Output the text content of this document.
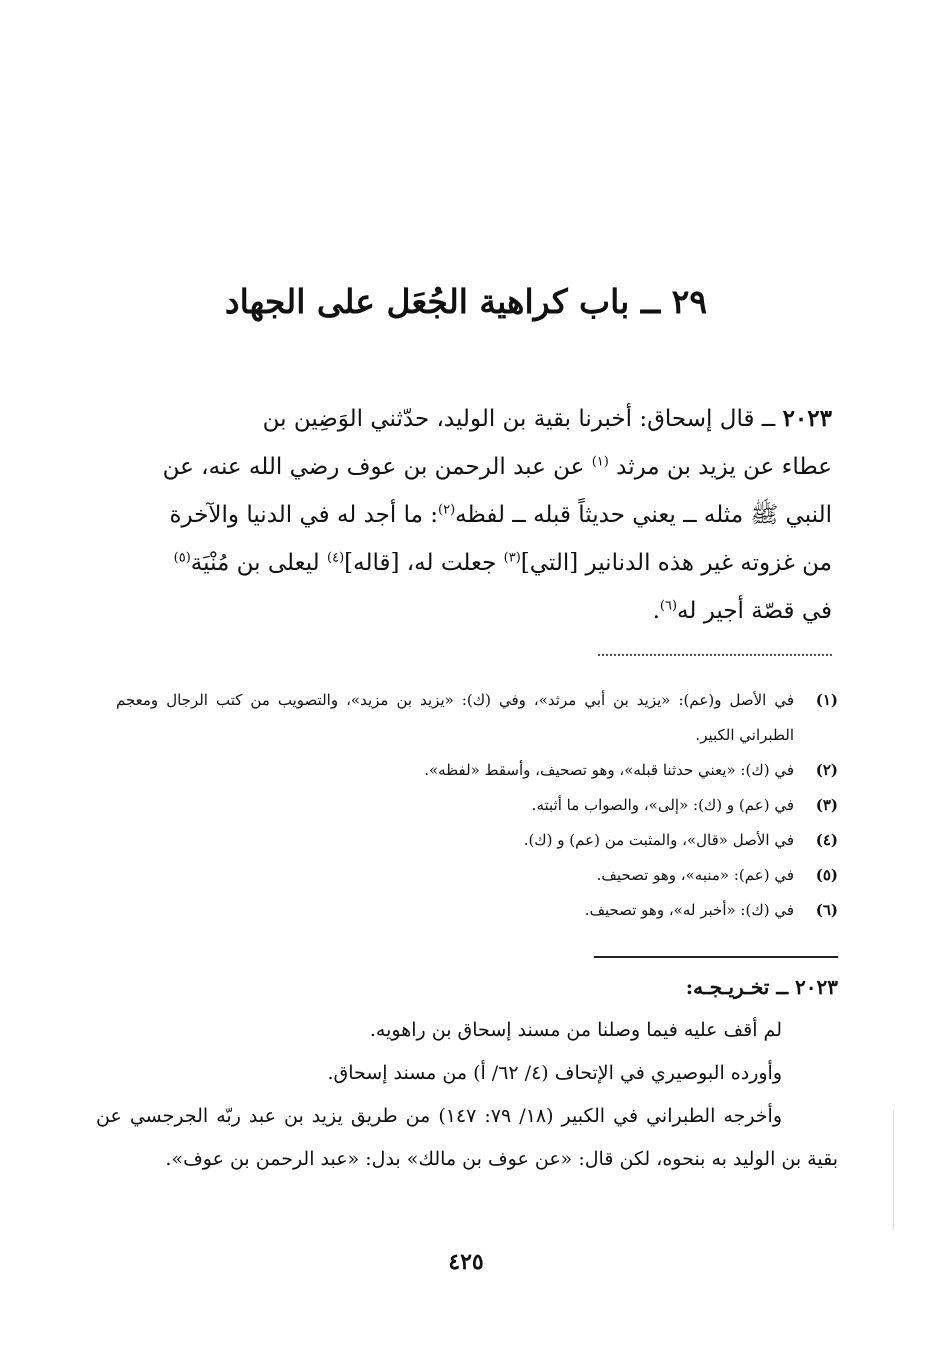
٢٩ ــ باب كراهية الجُعَل على الجهاد

٢٠٢٣ ــ قال إسحاق: أخبرنا بقية بن الوليد، حدّثني الوَضِين بن

عطاء عن يزيد بن مرثد $^{(١)}$ عن عبد الرحمن بن عوف رضي الله عنه، عن

النبي ﷺ مثله ــ يعني حديثاً قبله ــ لفظه$^{(٢)}$: ما أجد له في الدنيا والآخرة

من غزوته غير هذه الدنانير [التي]$^{(٣)}$ جعلت له، [قاله]$^{(٤)}$ ليعلى بن مُنْيَة$^{(٥)}$

في قصّة أجير له$^{(٦)}$.

(١)
في الأصل و(عم): «يزيد بن أبي مرثد»، وفي (ك): «يزيد بن مزيد»، والتصويب من كتب الرجال ومعجم الطبراني الكبير.
(٢)
في (ك): «يعني حدثنا قبله»، وهو تصحيف، وأسقط «لفظه».
(٣)
في (عم) و (ك): «إلى»، والصواب ما أثبته.
(٤)
في الأصل «قال»، والمثبت من (عم) و (ك).
(٥)
في (عم): «منبه»، وهو تصحيف.
(٦)
في (ك): «أخبر له»، وهو تصحيف.
٢٠٢٣ ــ تخـريـجـه:

لم أقف عليه فيما وصلنا من مسند إسحاق بن راهويه.

وأورده البوصيري في الإتحاف (٤/ ٦٢/ أ) من مسند إسحاق.

وأخرجه الطبراني في الكبير (١٨/ ٧٩: ١٤٧) من طريق يزيد بن عبد ربّه الجرجسي عن بقية بن الوليد به بنحوه، لكن قال: «عن عوف بن مالك» بدل: «عبد الرحمن بن عوف».

٤٢٥
